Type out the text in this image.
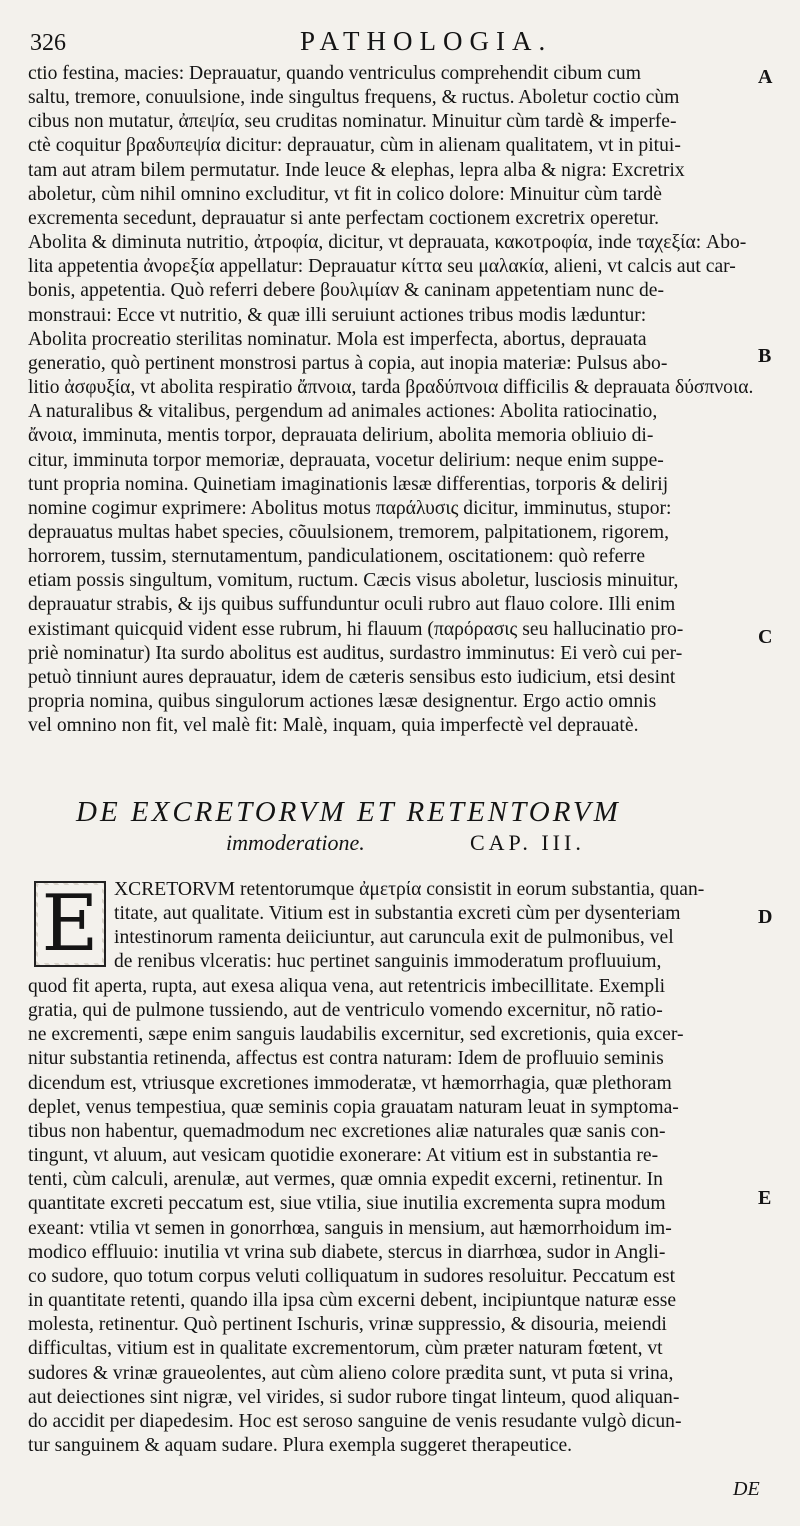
326	PATHOLOGIA.
A
B
C
D
E

ctio festina, macies: Deprauatur, quando ventriculus comprehendit cibum cum

saltu, tremore, conuulsione, inde singultus frequens, & ructus. Aboletur coctio cùm

cibus non mutatur, ἀπεψία, seu cruditas nominatur. Minuitur cùm tardè & imperfe-

ctè coquitur βραδυπεψία dicitur: deprauatur, cùm in alienam qualitatem, vt in pitui-

tam aut atram bilem permutatur. Inde leuce & elephas, lepra alba & nigra: Excretrix

aboletur, cùm nihil omnino excluditur, vt fit in colico dolore: Minuitur cùm tardè

excrementa secedunt, deprauatur si ante perfectam coctionem excretrix operetur.

Abolita & diminuta nutritio, ἀτροφία, dicitur, vt deprauata, κακοτροφία, inde ταχεξία: Abo-

lita appetentia ἀνορεξία appellatur: Deprauatur κίττα seu μαλακία, alieni, vt calcis aut car-

bonis, appetentia. Quò referri debere βουλιμίαν & caninam appetentiam nunc de-

monstraui: Ecce vt nutritio, & quæ illi seruiunt actiones tribus modis læduntur:

Abolita procreatio sterilitas nominatur. Mola est imperfecta, abortus, deprauata

generatio, quò pertinent monstrosi partus à copia, aut inopia materiæ: Pulsus abo-

litio ἀσφυξία, vt abolita respiratio ἄπνοια, tarda βραδύπνοια difficilis & deprauata δύσπνοια.

A naturalibus & vitalibus, pergendum ad animales actiones: Abolita ratiocinatio,

ἄνοια, imminuta, mentis torpor, deprauata delirium, abolita memoria obliuio di-

citur, imminuta torpor memoriæ, deprauata, vocetur delirium: neque enim suppe-

tunt propria nomina. Quinetiam imaginationis læsæ differentias, torporis & delirij

nomine cogimur exprimere: Abolitus motus παράλυσις dicitur, imminutus, stupor:

deprauatus multas habet species, cõuulsionem, tremorem, palpitationem, rigorem,

horrorem, tussim, sternutamentum, pandiculationem, oscitationem: quò referre

etiam possis singultum, vomitum, ructum. Cæcis visus aboletur, lusciosis minuitur,

deprauatur strabis, & ijs quibus suffunduntur oculi rubro aut flauo colore. Illi enim

existimant quicquid vident esse rubrum, hi flauum (παρόρασις seu hallucinatio pro-

priè nominatur) Ita surdo abolitus est auditus, surdastro imminutus: Ei verò cui per-

petuò tinniunt aures deprauatur, idem de cæteris sensibus esto iudicium, etsi desint

propria nomina, quibus singulorum actiones læsæ designentur. Ergo actio omnis

vel omnino non fit, vel malè fit: Malè, inquam, quia imperfectè vel deprauatè.

DE EXCRETORVM ET RETENTORVM
immoderatione.	CAP. III.
E XCRETORVM retentorumque ἀμετρία consistit in eorum substantia, quan-

titate, aut qualitate. Vitium est in substantia excreti cùm per dysenteriam

intestinorum ramenta deiiciuntur, aut caruncula exit de pulmonibus, vel

de renibus vlceratis: huc pertinet sanguinis immoderatum profluuium,

quod fit aperta, rupta, aut exesa aliqua vena, aut retentricis imbecillitate. Exempli

gratia, qui de pulmone tussiendo, aut de ventriculo vomendo excernitur, nõ ratio-

ne excrementi, sæpe enim sanguis laudabilis excernitur, sed excretionis, quia excer-

nitur substantia retinenda, affectus est contra naturam: Idem de profluuio seminis

dicendum est, vtriusque excretiones immoderatæ, vt hæmorrhagia, quæ plethoram

deplet, venus tempestiua, quæ seminis copia grauatam naturam leuat in symptoma-

tibus non habentur, quemadmodum nec excretiones aliæ naturales quæ sanis con-

tingunt, vt aluum, aut vesicam quotidie exonerare: At vitium est in substantia re-

tenti, cùm calculi, arenulæ, aut vermes, quæ omnia expedit excerni, retinentur. In

quantitate excreti peccatum est, siue vtilia, siue inutilia excrementa supra modum

exeant: vtilia vt semen in gonorrhœa, sanguis in mensium, aut hæmorrhoidum im-

modico effluuio: inutilia vt vrina sub diabete, stercus in diarrhœa, sudor in Angli-

co sudore, quo totum corpus veluti colliquatum in sudores resoluitur. Peccatum est

in quantitate retenti, quando illa ipsa cùm excerni debent, incipiuntque naturæ esse

molesta, retinentur. Quò pertinent Ischuris, vrinæ suppressio, & disouria, meiendi

difficultas, vitium est in qualitate excrementorum, cùm præter naturam fœtent, vt

sudores & vrinæ graueolentes, aut cùm alieno colore prædita sunt, vt puta si vrina,

aut deiectiones sint nigræ, vel virides, si sudor rubore tingat linteum, quod aliquan-

do accidit per diapedesim. Hoc est seroso sanguine de venis resudante vulgò dicun-

tur sanguinem & aquam sudare. Plura exempla suggeret therapeutice.

DE
